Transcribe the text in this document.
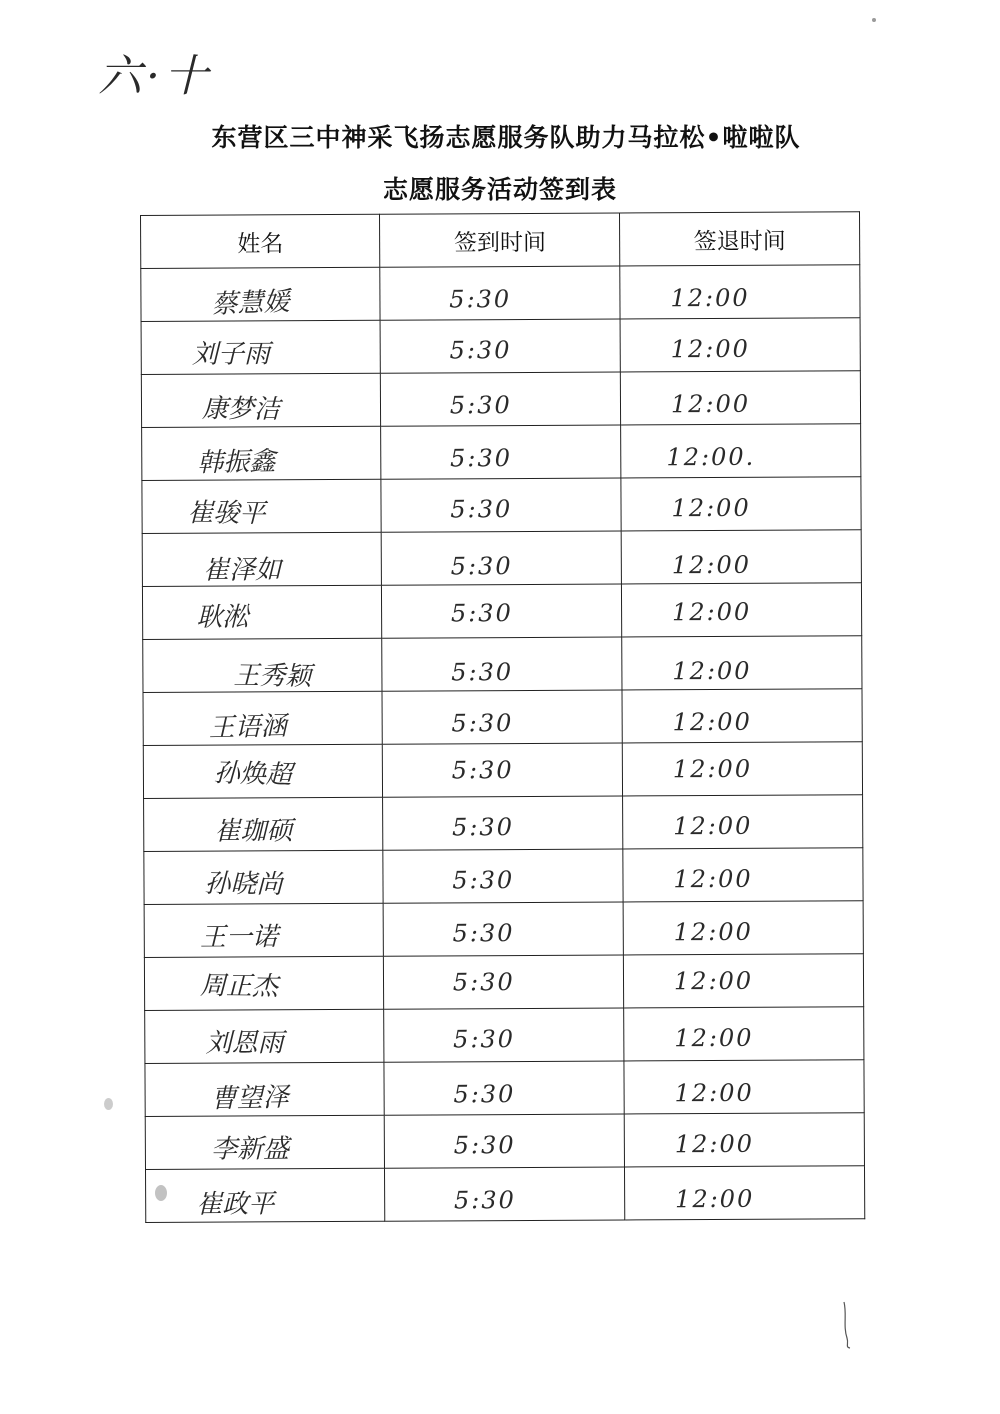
六·十
东营区三中神采飞扬志愿服务队助力马拉松•啦啦队
志愿服务活动签到表
姓名	签到时间	签退时间
蔡慧媛	5:30	12:00
刘子雨	5:30	12:00
康梦洁	5:30	12:00
韩振鑫	5:30	12:00.
崔骏平	5:30	12:00
崔泽如	5:30	12:00
耿淞	5:30	12:00
王秀颖	5:30	12:00
王语涵	5:30	12:00
孙焕超	5:30	12:00
崔珈硕	5:30	12:00
孙晓尚	5:30	12:00
王一诺	5:30	12:00
周正杰	5:30	12:00
刘恩雨	5:30	12:00
曹望泽	5:30	12:00
李新盛	5:30	12:00
崔政平	5:30	12:00
